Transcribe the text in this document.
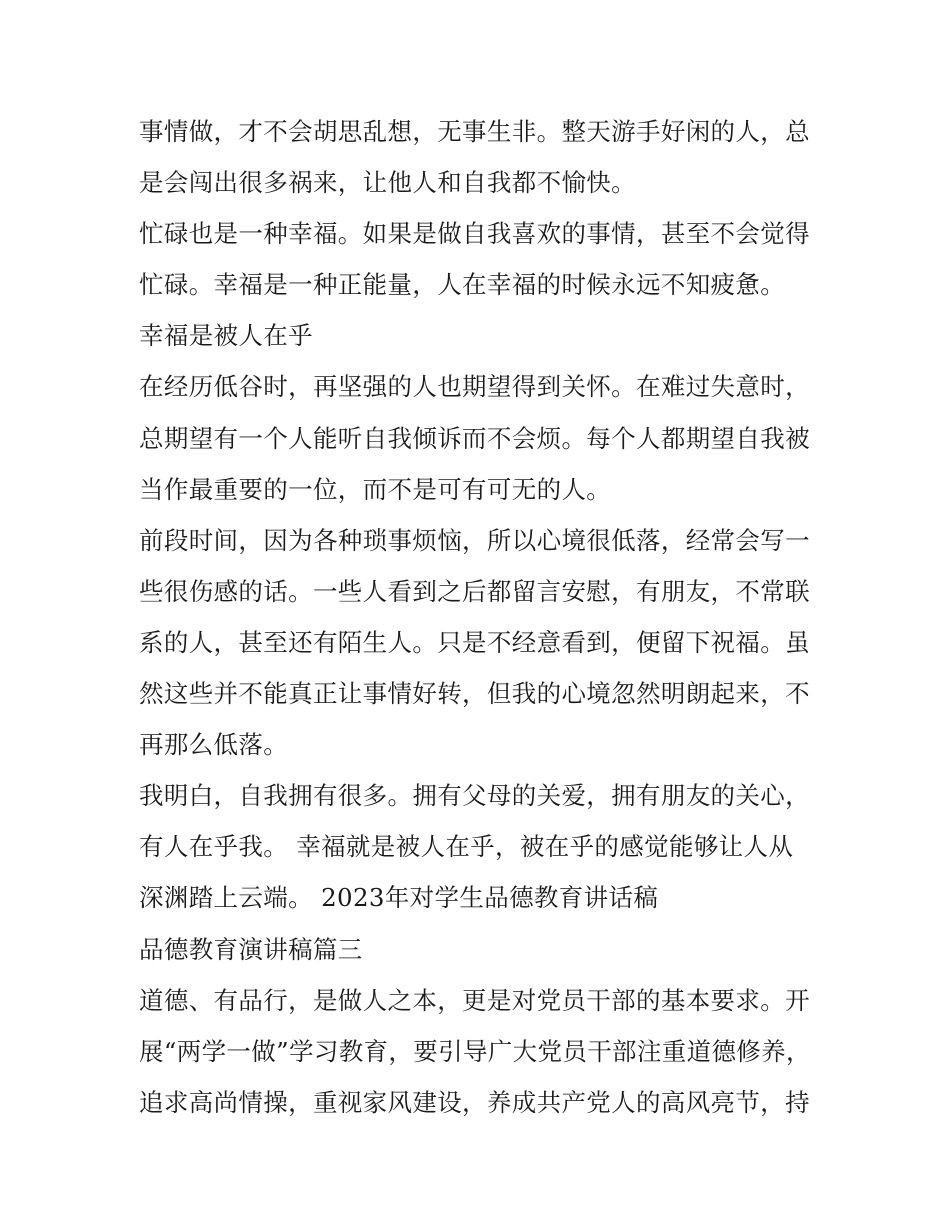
事情做，才不会胡思乱想，无事生非。整天游手好闲的人，总
是会闯出很多祸来，让他人和自我都不愉快。
忙碌也是一种幸福。如果是做自我喜欢的事情，甚至不会觉得
忙碌。幸福是一种正能量，人在幸福的时候永远不知疲惫。
幸福是被人在乎
在经历低谷时，再坚强的人也期望得到关怀。在难过失意时，
总期望有一个人能听自我倾诉而不会烦。每个人都期望自我被
当作最重要的一位，而不是可有可无的人。
前段时间，因为各种琐事烦恼，所以心境很低落，经常会写一
些很伤感的话。一些人看到之后都留言安慰，有朋友，不常联
系的人，甚至还有陌生人。只是不经意看到，便留下祝福。虽
然这些并不能真正让事情好转，但我的心境忽然明朗起来，不
再那么低落。
我明白，自我拥有很多。拥有父母的关爱，拥有朋友的关心，
有人在乎我。 幸福就是被人在乎，被在乎的感觉能够让人从
深渊踏上云端。 2023年对学生品德教育讲话稿
品德教育演讲稿篇三
道德、有品行，是做人之本，更是对党员干部的基本要求。开
展“两学一做”学习教育，要引导广大党员干部注重道德修养，
追求高尚情操，重视家风建设，养成共产党人的高风亮节，持
